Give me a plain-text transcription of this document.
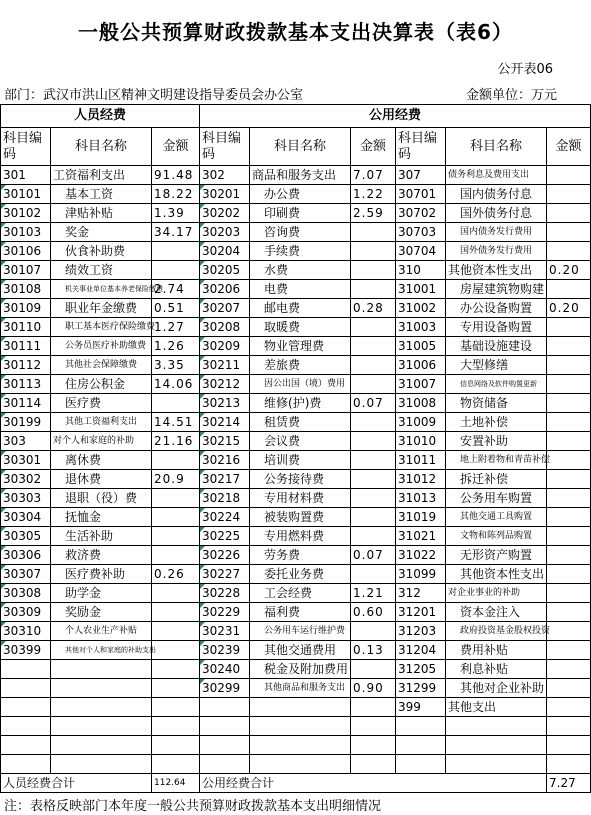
一般公共预算财政拨款基本支出决算表（表6）
公开表06
部门：武汉市洪山区精神文明建设指导委员会办公室	金额单位：万元
人员经费			公用经费					
科目编码	科目名称	金额	科目编码	科目名称	金额	科目编码	科目名称	金额
301	工资福利支出	91.48	302	商品和服务支出	7.07	307	债务利息及费用支出	
30101	基本工资	18.22	30201	办公费	1.22	30701	国内债务付息	
30102	津贴补贴	1.39	30202	印刷费	2.59	30702	国外债务付息	
30103	奖金	34.17	30203	咨询费		30703	国内债务发行费用	
30106	伙食补助费		30204	手续费		30704	国外债务发行费用	
30107	绩效工资		30205	水费		310	其他资本性支出	0.20
30108	机关事业单位基本养老保险缴费	2.74	30206	电费		31001	房屋建筑物购建	
30109	职业年金缴费	0.51	30207	邮电费	0.28	31002	办公设备购置	0.20
30110	职工基本医疗保险缴费	1.27	30208	取暖费		31003	专用设备购置	
30111	公务员医疗补助缴费	1.26	30209	物业管理费		31005	基础设施建设	
30112	其他社会保障缴费	3.35	30211	差旅费		31006	大型修缮	
30113	住房公积金	14.06	30212	因公出国（境）费用		31007	信息网络及软件购置更新	
30114	医疗费		30213	维修(护)费	0.07	31008	物资储备	
30199	其他工资福利支出	14.51	30214	租赁费		31009	土地补偿	
303	对个人和家庭的补助	21.16	30215	会议费		31010	安置补助	
30301	离休费		30216	培训费		31011	地上附着物和青苗补偿	
30302	退休费	20.9	30217	公务接待费		31012	拆迁补偿	
30303	退职（役）费		30218	专用材料费		31013	公务用车购置	
30304	抚恤金		30224	被装购置费		31019	其他交通工具购置	
30305	生活补助		30225	专用燃料费		31021	文物和陈列品购置	
30306	救济费		30226	劳务费	0.07	31022	无形资产购置	
30307	医疗费补助	0.26	30227	委托业务费		31099	其他资本性支出	
30308	助学金		30228	工会经费	1.21	312	对企业事业的补助	
30309	奖励金		30229	福利费	0.60	31201	资本金注入	
30310	个人农业生产补贴		30231	公务用车运行维护费		31203	政府投资基金股权投资	
30399	其他对个人和家庭的补助支出		30239	其他交通费用	0.13	31204	费用补贴	
			30240	税金及附加费用		31205	利息补贴	
			30299	其他商品和服务支出	0.90	31299	其他对企业补助	
						399	其他支出	

人员经费合计		112.64	公用经费合计					7.27
注：表格反映部门本年度一般公共预算财政拨款基本支出明细情况
